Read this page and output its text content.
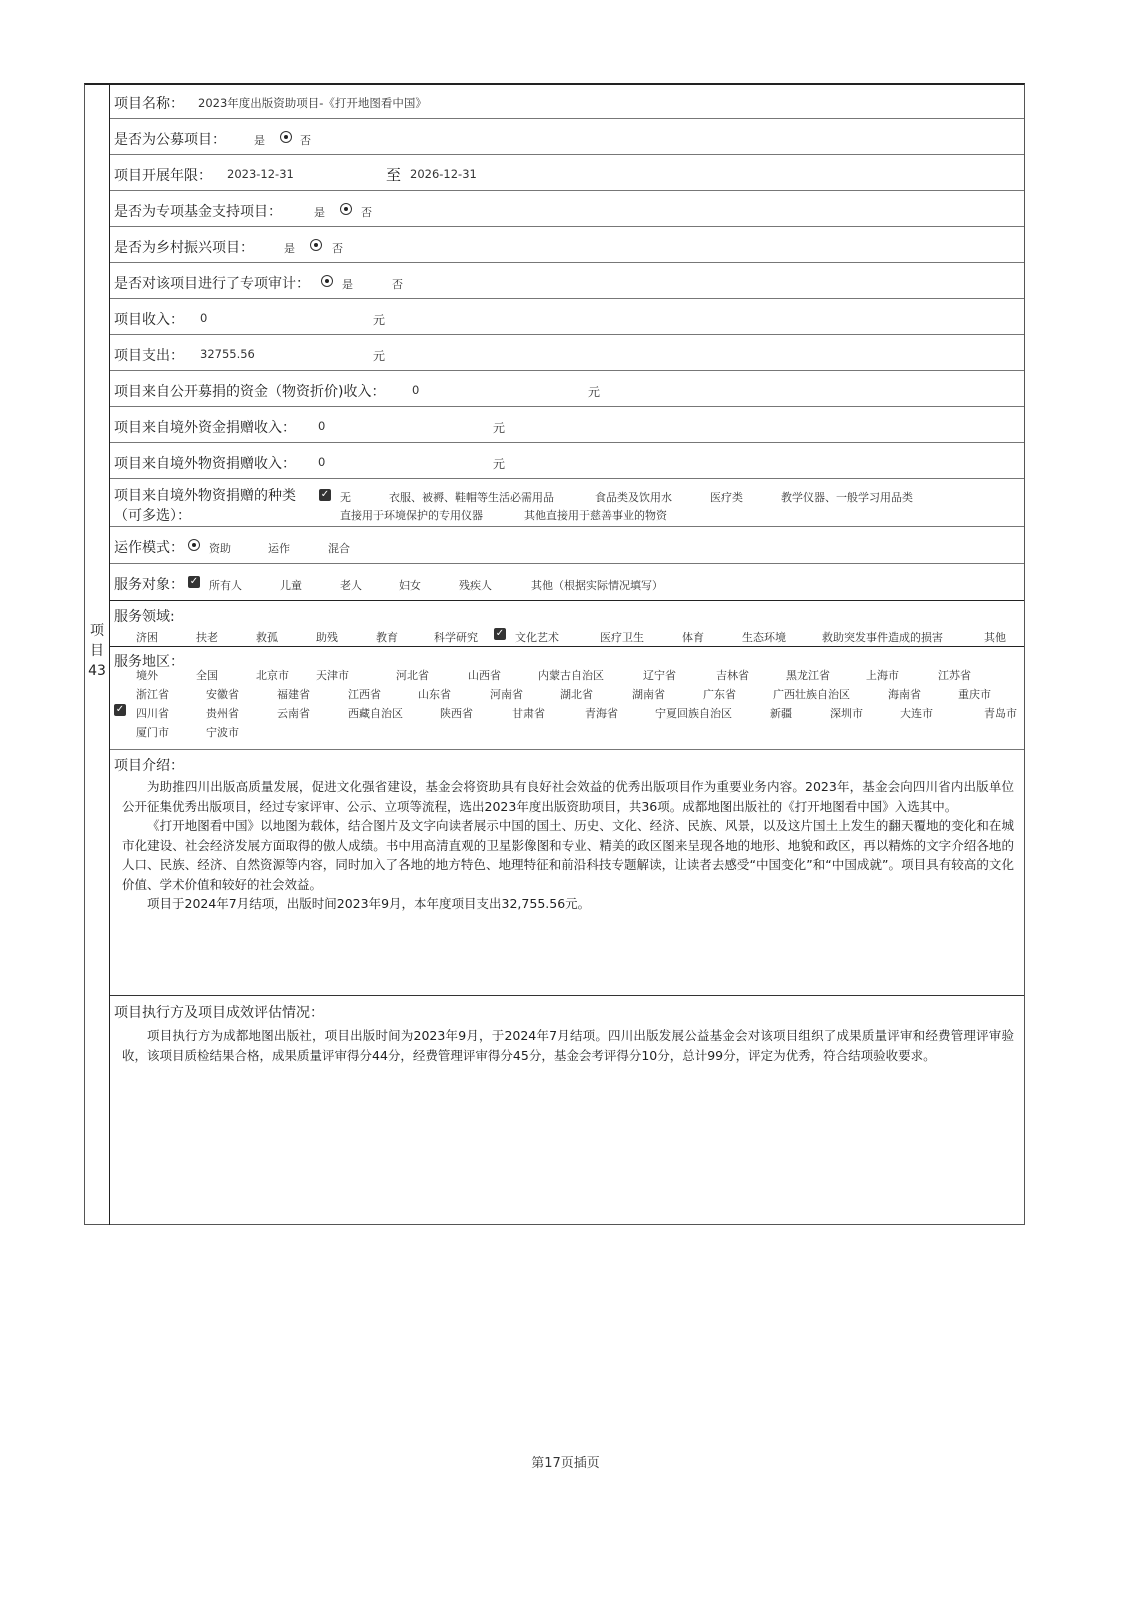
项
目
43
项目名称： 2023年度出版资助项目-《打开地图看中国》
是否为公募项目：	是	否
项目开展年限： 2023-12-31	至 2026-12-31
是否为专项基金支持项目：	是	否
是否为乡村振兴项目：	是	否
是否对该项目进行了专项审计：	是	否
项目收入： 0	元
项目支出： 32755.56	元
项目来自公开募捐的资金（物资折价)收入： 0	元
项目来自境外资金捐赠收入： 0	元
项目来自境外物资捐赠收入： 0	元
项目来自境外物资捐赠的种类
（可多选）：
✓ 无	衣服、被褥、鞋帽等生活必需用品	食品类及饮用水	医疗类	教学仪器、一般学习用品类
直接用于环境保护的专用仪器	其他直接用于慈善事业的物资
运作模式： 资助	运作	混合
服务对象： ✓ 所有人	儿童	老人	妇女	残疾人	其他（根据实际情况填写）
服务领域:
济困	扶老	救孤	助残	教育	科学研究 ✓ 文化艺术	医疗卫生	体育	生态环境	救助突发事件造成的损害	其他
服务地区：
境外	全国	北京市 天津市	河北省	山西省	内蒙古自治区	辽宁省	吉林省	黑龙江省	上海市	江苏省
浙江省	安徽省	福建省	江西省	山东省	河南省	湖北省	湖南省	广东省	广西壮族自治区	海南省	重庆市
✓ 四川省	贵州省	云南省	西藏自治区	陕西省	甘肃省	青海省	宁夏回族自治区	新疆	深圳市	大连市	青岛市
厦门市	宁波市
项目介绍：
为助推四川出版高质量发展，促进文化强省建设，基金会将资助具有良好社会效益的优秀出版项目作为重要业务内容。2023年，基金会向四川省内出版单位公开征集优秀出版项目，经过专家评审、公示、立项等流程，选出2023年度出版资助项目，共36项。成都地图出版社的《打开地图看中国》入选其中。
《打开地图看中国》以地图为载体，结合图片及文字向读者展示中国的国土、历史、文化、经济、民族、风景，以及这片国土上发生的翻天覆地的变化和在城市化建设、社会经济发展方面取得的傲人成绩。书中用高清直观的卫星影像图和专业、精美的政区图来呈现各地的地形、地貌和政区，再以精炼的文字介绍各地的人口、民族、经济、自然资源等内容，同时加入了各地的地方特色、地理特征和前沿科技专题解读，让读者去感受“中国变化”和“中国成就”。项目具有较高的文化价值、学术价值和较好的社会效益。
项目于2024年7月结项，出版时间2023年9月，本年度项目支出32,755.56元。
项目执行方及项目成效评估情况：
项目执行方为成都地图出版社，项目出版时间为2023年9月，于2024年7月结项。四川出版发展公益基金会对该项目组织了成果质量评审和经费管理评审验收，该项目质检结果合格，成果质量评审得分44分，经费管理评审得分45分，基金会考评得分10分，总计99分，评定为优秀，符合结项验收要求。
第17页插页
